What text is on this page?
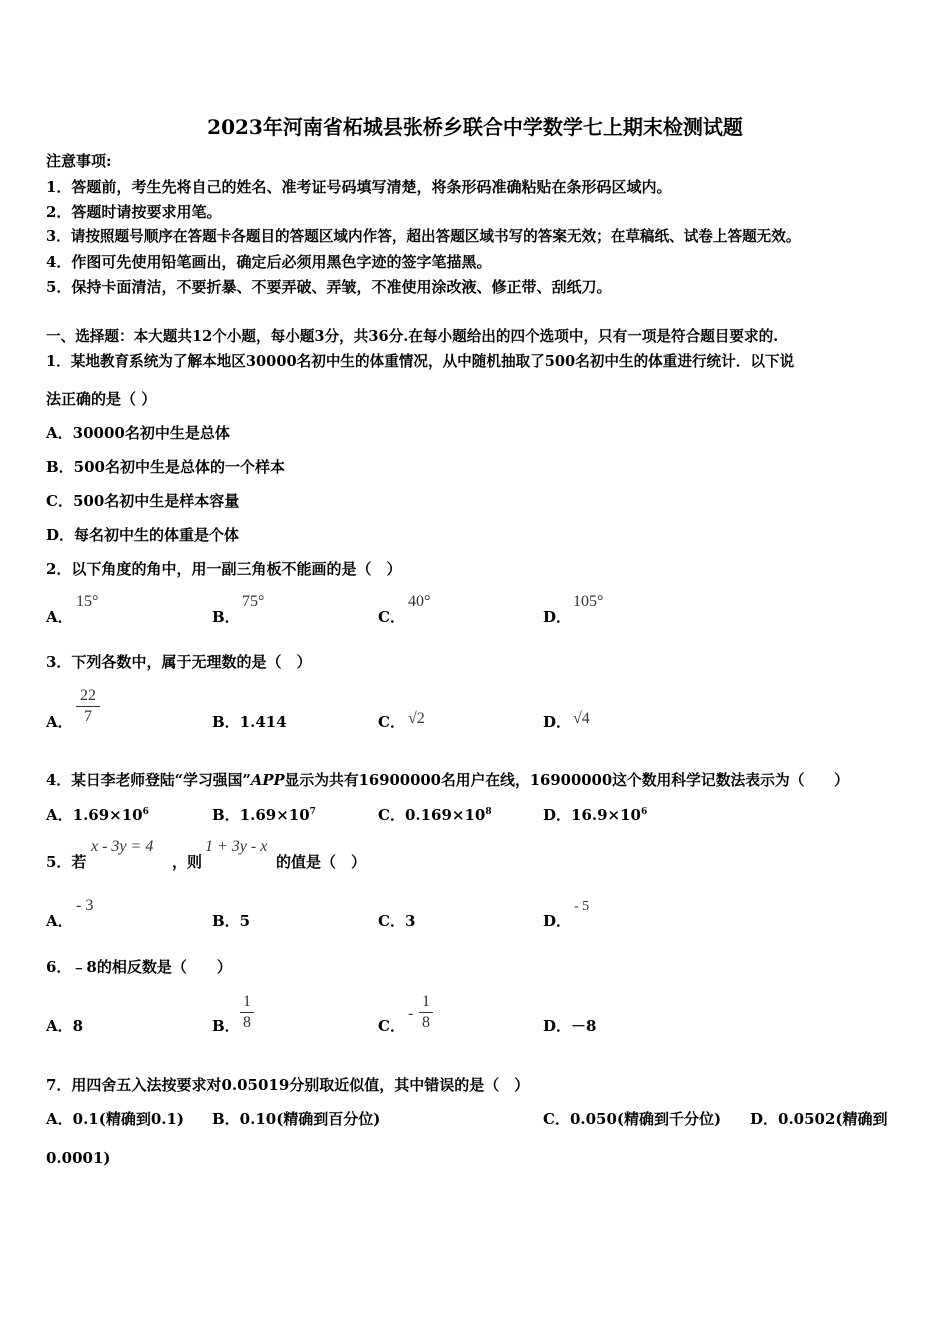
2023年河南省柘城县张桥乡联合中学数学七上期末检测试题
注意事项:
1．答题前，考生先将自己的姓名、准考证号码填写清楚，将条形码准确粘贴在条形码区域内。
2．答题时请按要求用笔。
3．请按照题号顺序在答题卡各题目的答题区域内作答，超出答题区域书写的答案无效；在草稿纸、试卷上答题无效。
4．作图可先使用铅笔画出，确定后必须用黑色字迹的签字笔描黑。
5．保持卡面清洁，不要折暴、不要弄破、弄皱，不准使用涂改液、修正带、刮纸刀。
一、选择题：本大题共12个小题，每小题3分，共36分.在每小题给出的四个选项中，只有一项是符合题目要求的.
1．某地教育系统为了解本地区30000名初中生的体重情况，从中随机抽取了500名初中生的体重进行统计．以下说
法正确的是（ ）
A．30000名初中生是总体
B．500名初中生是总体的一个样本
C．500名初中生是样本容量
D．每名初中生的体重是个体
2．以下角度的角中，用一副三角板不能画的是（　）
A．
15°
B．
75°
C．
40°
D．
105°
3．下列各数中，属于无理数的是（　）
A．
22
7	B．1.414	C． √2	D． √4
4．某日李老师登陆“学习强国”APP显示为共有16900000名用户在线，16900000这个数用科学记数法表示为（　　）
A．$1.69\times 10^6$	B．$1.69\times 10^7$	C．$0.169\times 10^8$	D．$16.9\times 10^6$
5．若
x - 3y = 4
，则
1 + 3y - x
的值是（　）
A．
- 3
B．5	C．3	D．
- 5
6．﹣8的相反数是（　　）
A．8	B．
1
8	C．
-
1
8	D．－8
7．用四舍五入法按要求对0.05019分别取近似值，其中错误的是（　）
A．0.1(精确到0.1) B．0.10(精确到百分位)	C．0.050(精确到千分位) D．0.0502(精确到
0.0001)
